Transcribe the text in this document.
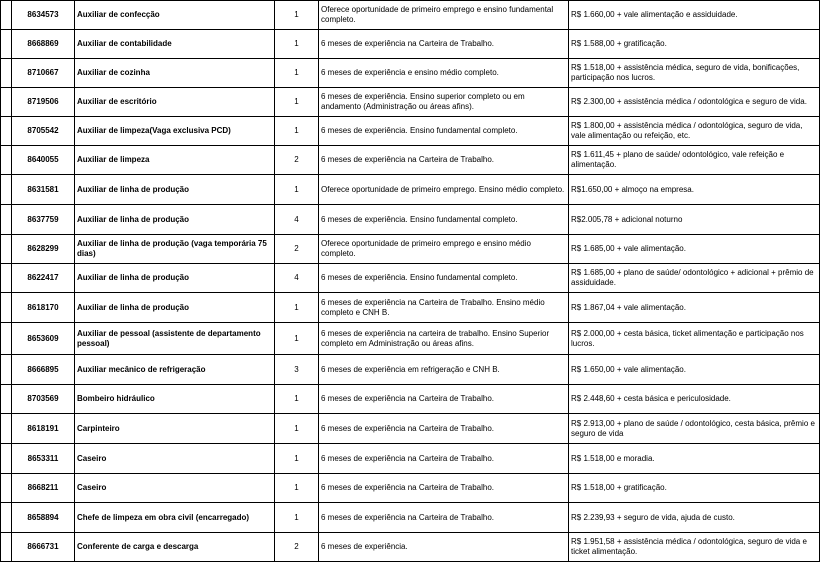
	8634573	Auxiliar de confecção	1	Oferece oportunidade de primeiro emprego e ensino fundamental completo.	R$ 1.660,00 + vale alimentação e assiduidade.
	8668869	Auxiliar de contabilidade	1	6 meses de experiência na Carteira de Trabalho.	R$ 1.588,00 + gratificação.
	8710667	Auxiliar de cozinha	1	6 meses de experiência e ensino médio completo.	R$ 1.518,00 + assistência médica, seguro de vida, bonificações, participação nos lucros.
	8719506	Auxiliar de escritório	1	6 meses de experiência. Ensino superior completo ou em andamento (Administração ou áreas afins).	R$ 2.300,00 + assistência médica / odontológica e seguro de vida.
	8705542	Auxiliar de limpeza(Vaga exclusiva PCD)	1	6 meses de experiência. Ensino fundamental completo.	R$ 1.800,00 + assistência médica / odontológica, seguro de vida, vale alimentação ou refeição, etc.
	8640055	Auxiliar de limpeza	2	6 meses de experiência na Carteira de Trabalho.	R$ 1.611,45 + plano de saúde/ odontológico, vale refeição e alimentação.
	8631581	Auxiliar de linha de produção	1	Oferece oportunidade de primeiro emprego. Ensino médio completo.	R$1.650,00 + almoço na empresa.
	8637759	Auxiliar de linha de produção	4	6 meses de experiência. Ensino fundamental completo.	R$2.005,78 + adicional noturno
	8628299	Auxiliar de linha de produção (vaga temporária 75 dias)	2	Oferece oportunidade de primeiro emprego e ensino médio completo.	R$ 1.685,00 + vale alimentação.
	8622417	Auxiliar de linha de produção	4	6 meses de experiência. Ensino fundamental completo.	R$ 1.685,00 + plano de saúde/ odontológico + adicional + prêmio de assiduidade.
	8618170	Auxiliar de linha de produção	1	6 meses de experiência na Carteira de Trabalho. Ensino médio completo e CNH B.	R$ 1.867,04 + vale alimentação.
	8653609	Auxiliar de pessoal (assistente de departamento pessoal)	1	6 meses de experiência na carteira de trabalho. Ensino Superior completo em Administração ou áreas afins.	R$ 2.000,00 + cesta básica, ticket alimentação e participação nos lucros.
	8666895	Auxiliar mecânico de refrigeração	3	6 meses de experiência em refrigeração e CNH B.	R$ 1.650,00 + vale alimentação.
	8703569	Bombeiro hidráulico	1	6 meses de experiência na Carteira de Trabalho.	R$ 2.448,60 + cesta básica e periculosidade.
	8618191	Carpinteiro	1	6 meses de experiência na Carteira de Trabalho.	R$ 2.913,00 + plano de saúde / odontológico, cesta básica, prêmio e seguro de vida
	8653311	Caseiro	1	6 meses de experiência na Carteira de Trabalho.	R$ 1.518,00 e moradia.
	8668211	Caseiro	1	6 meses de experiência na Carteira de Trabalho.	R$ 1.518,00 + gratificação.
	8658894	Chefe de limpeza em obra civil (encarregado)	1	6 meses de experiência na Carteira de Trabalho.	R$ 2.239,93 + seguro de vida, ajuda de custo.
	8666731	Conferente de carga e descarga	2	6 meses de experiência.	R$ 1.951,58 + assistência médica / odontológica, seguro de vida e ticket alimentação.
